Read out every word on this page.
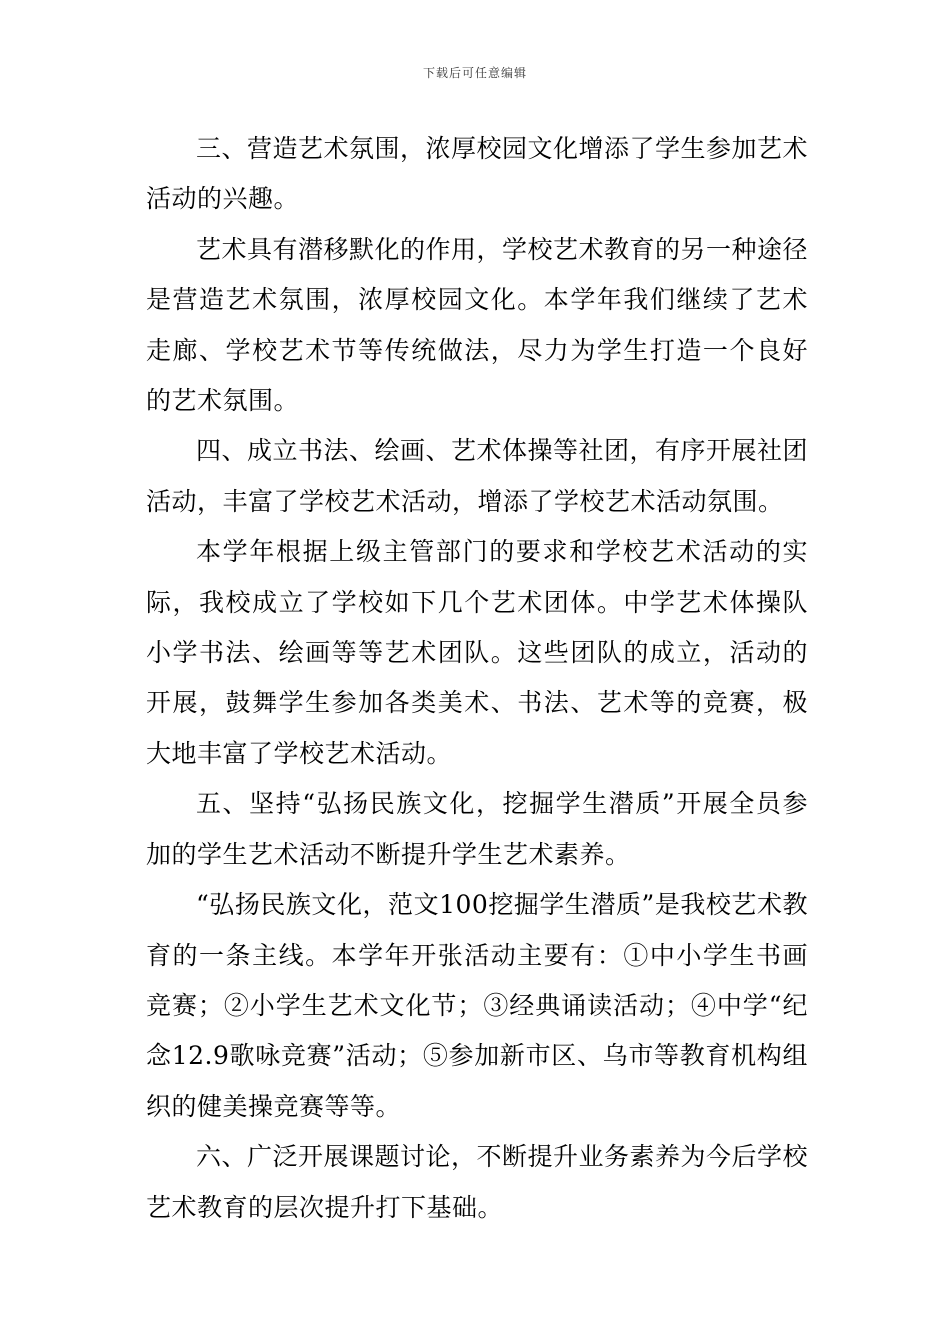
下载后可任意编辑

三、营造艺术氛围，浓厚校园文化增添了学生参加艺术活动的兴趣。

艺术具有潜移默化的作用，学校艺术教育的另一种途径是营造艺术氛围，浓厚校园文化。本学年我们继续了艺术走廊、学校艺术节等传统做法，尽力为学生打造一个良好的艺术氛围。

四、成立书法、绘画、艺术体操等社团，有序开展社团活动，丰富了学校艺术活动，增添了学校艺术活动氛围。

本学年根据上级主管部门的要求和学校艺术活动的实际，我校成立了学校如下几个艺术团体。中学艺术体操队小学书法、绘画等等艺术团队。这些团队的成立，活动的开展，鼓舞学生参加各类美术、书法、艺术等的竞赛，极大地丰富了学校艺术活动。

五、坚持“弘扬民族文化，挖掘学生潜质”开展全员参加的学生艺术活动不断提升学生艺术素养。

“弘扬民族文化，范文100挖掘学生潜质”是我校艺术教育的一条主线。本学年开张活动主要有：①中小学生书画竞赛；②小学生艺术文化节；③经典诵读活动；④中学“纪念12.9歌咏竞赛”活动；⑤参加新市区、乌市等教育机构组织的健美操竞赛等等。

六、广泛开展课题讨论，不断提升业务素养为今后学校艺术教育的层次提升打下基础。
